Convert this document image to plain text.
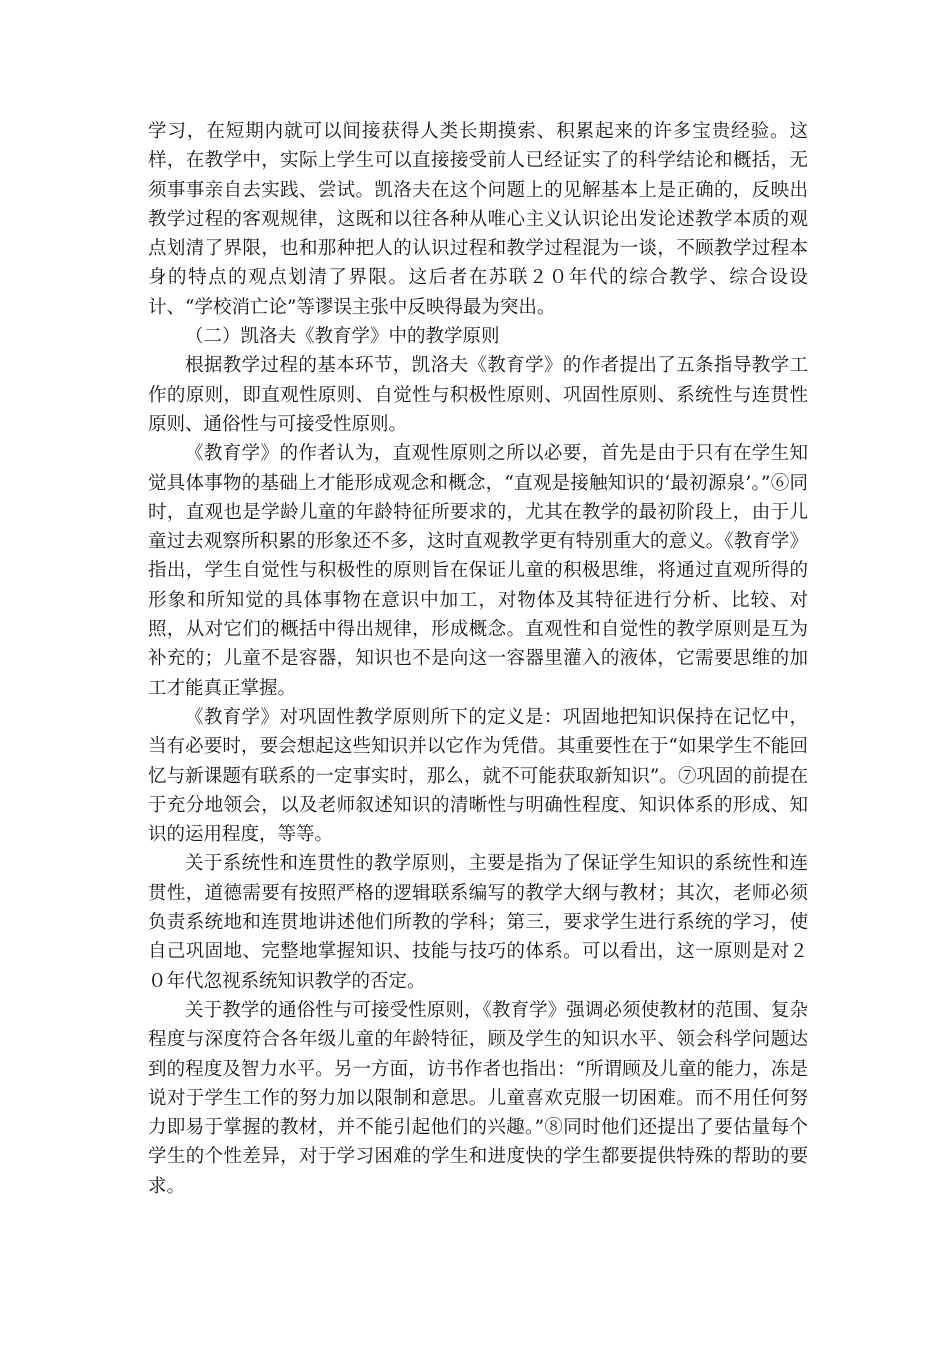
学习，在短期内就可以间接获得人类长期摸索、积累起来的许多宝贵经验。这样，在教学中，实际上学生可以直接接受前人已经证实了的科学结论和概括，无须事事亲自去实践、尝试。凯洛夫在这个问题上的见解基本上是正确的，反映出教学过程的客观规律，这既和以往各种从唯心主义认识论出发论述教学本质的观点划清了界限，也和那种把人的认识过程和教学过程混为一谈，不顾教学过程本身的特点的观点划清了界限。这后者在苏联２０年代的综合教学、综合设设计、“学校消亡论”等谬误主张中反映得最为突出。

（二）凯洛夫《教育学》中的教学原则

根据教学过程的基本环节，凯洛夫《教育学》的作者提出了五条指导教学工作的原则，即直观性原则、自觉性与积极性原则、巩固性原则、系统性与连贯性原则、通俗性与可接受性原则。

《教育学》的作者认为，直观性原则之所以必要，首先是由于只有在学生知觉具体事物的基础上才能形成观念和概念，“直观是接触知识的‘最初源泉’。”⑥同时，直观也是学龄儿童的年龄特征所要求的，尤其在教学的最初阶段上，由于儿童过去观察所积累的形象还不多，这时直观教学更有特别重大的意义。《教育学》指出，学生自觉性与积极性的原则旨在保证儿童的积极思维，将通过直观所得的形象和所知觉的具体事物在意识中加工，对物体及其特征进行分析、比较、对照，从对它们的概括中得出规律，形成概念。直观性和自觉性的教学原则是互为补充的；儿童不是容器，知识也不是向这一容器里灌入的液体，它需要思维的加工才能真正掌握。

《教育学》对巩固性教学原则所下的定义是：巩固地把知识保持在记忆中，当有必要时，要会想起这些知识并以它作为凭借。其重要性在于“如果学生不能回忆与新课题有联系的一定事实时，那么，就不可能获取新知识”。⑦巩固的前提在于充分地领会，以及老师叙述知识的清晰性与明确性程度、知识体系的形成、知识的运用程度，等等。

关于系统性和连贯性的教学原则，主要是指为了保证学生知识的系统性和连贯性，道德需要有按照严格的逻辑联系编写的教学大纲与教材；其次，老师必须负责系统地和连贯地讲述他们所教的学科；第三，要求学生进行系统的学习，使自己巩固地、完整地掌握知识、技能与技巧的体系。可以看出，这一原则是对２０年代忽视系统知识教学的否定。

关于教学的通俗性与可接受性原则，《教育学》强调必须使教材的范围、复杂程度与深度符合各年级儿童的年龄特征，顾及学生的知识水平、领会科学问题达到的程度及智力水平。另一方面，访书作者也指出：“所谓顾及儿童的能力，冻是说对于学生工作的努力加以限制和意思。儿童喜欢克服一切困难。而不用任何努力即易于掌握的教材，并不能引起他们的兴趣。”⑧同时他们还提出了要估量每个学生的个性差异，对于学习困难的学生和进度快的学生都要提供特殊的帮助的要求。
